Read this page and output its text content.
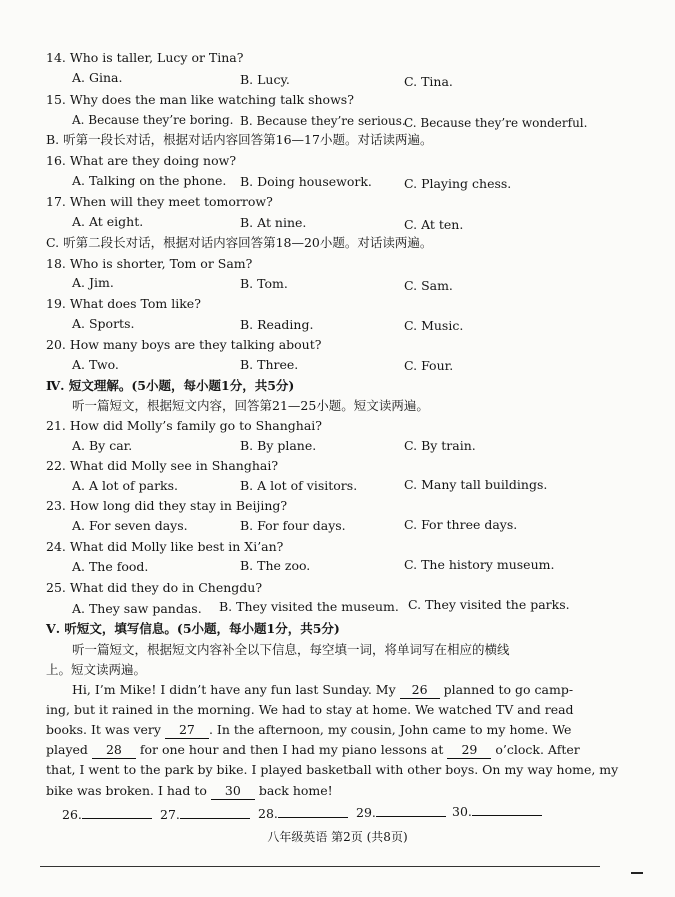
14. Who is taller, Lucy or Tina?
A. Gina.	B. Lucy.	C. Tina.
15. Why does the man like watching talk shows?
A. Because they’re boring. B. Because they’re serious.
C. Because they’re wonderful.
B. 听第一段长对话，根据对话内容回答第16—17小题。对话读两遍。
16. What are they doing now?
A. Talking on the phone. B. Doing housework.	C. Playing chess.
17. When will they meet tomorrow?
A. At eight.	B. At nine.	C. At ten.
C. 听第二段长对话，根据对话内容回答第18—20小题。对话读两遍。
18. Who is shorter, Tom or Sam?
A. Jim.	B. Tom.	C. Sam.
19. What does Tom like?
A. Sports.	B. Reading.	C. Music.
20. How many boys are they talking about?
A. Two.	B. Three.	C. Four.
Ⅳ. 短文理解。(5小题，每小题1分，共5分)
听一篇短文，根据短文内容，回答第21—25小题。短文读两遍。
21. How did Molly’s family go to Shanghai?
A. By car.	B. By plane.	C. By train.
22. What did Molly see in Shanghai?
A. A lot of parks.	B. A lot of visitors.	C. Many tall buildings.
23. How long did they stay in Beijing?
A. For seven days.	B. For four days.	C. For three days.
24. What did Molly like best in Xi’an?
A. The food.	B. The zoo.	C. The history museum.
25. What did they do in Chengdu?
A. They saw pandas. B. They visited the museum. C. They visited the parks.
Ⅴ. 听短文，填写信息。(5小题，每小题1分，共5分)
听一篇短文，根据短文内容补全以下信息，每空填一词，将单词写在相应的横线
上。短文读两遍。
Hi, I’m Mike! I didn’t have any fun last Sunday. My 26 planned to go camp-
ing, but it rained in the morning. We had to stay at home. We watched TV and read
books. It was very 27 . In the afternoon, my cousin, John came to my home. We
played 28 for one hour and then I had my piano lessons at 29 o’clock. After
that, I went to the park by bike. I played basketball with other boys. On my way home, my
bike was broken. I had to 30 back home!
26.	27.	28.	29.	30.
八年级英语 第2页 (共8页)
